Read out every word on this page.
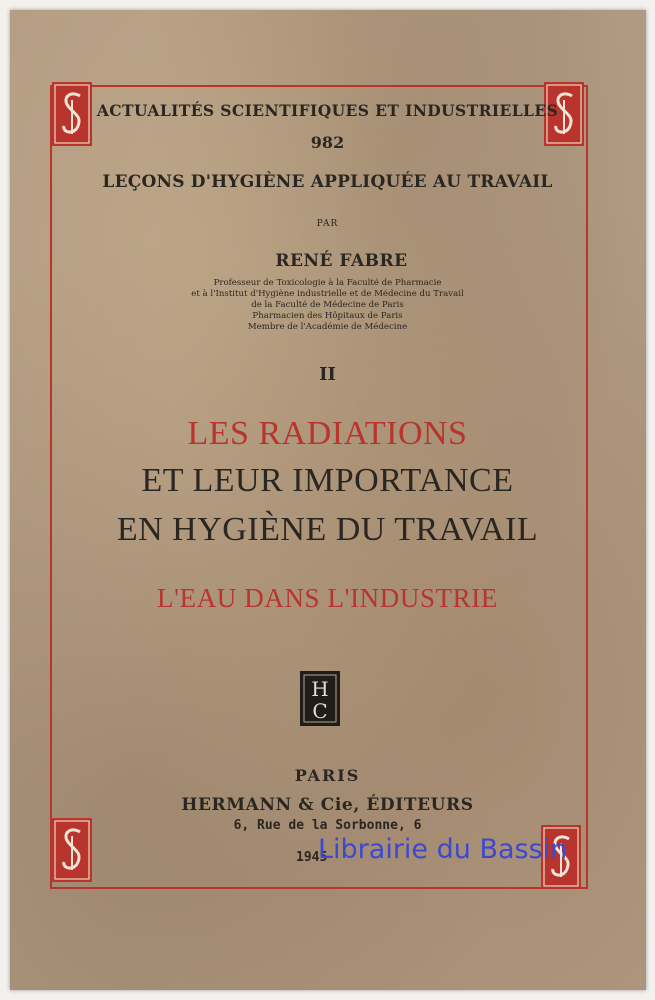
ACTUALITÉS SCIENTIFIQUES ET INDUSTRIELLES
982
LEÇONS D'HYGIÈNE APPLIQUÉE AU TRAVAIL
PAR
RENÉ FABRE
Professeur de Toxicologie à la Faculté de Pharmacie
et à l'Institut d'Hygiène industrielle et de Médecine du Travail
de la Faculté de Médecine de Paris
Pharmacien des Hôpitaux de Paris
Membre de l'Académie de Médecine
II
LES RADIATIONS
ET LEUR IMPORTANCE
EN HYGIÈNE DU TRAVAIL
L'EAU DANS L'INDUSTRIE
H
C
PARIS
HERMANN & Cie, ÉDITEURS
6, Rue de la Sorbonne, 6
1945
Librairie du Bassin
